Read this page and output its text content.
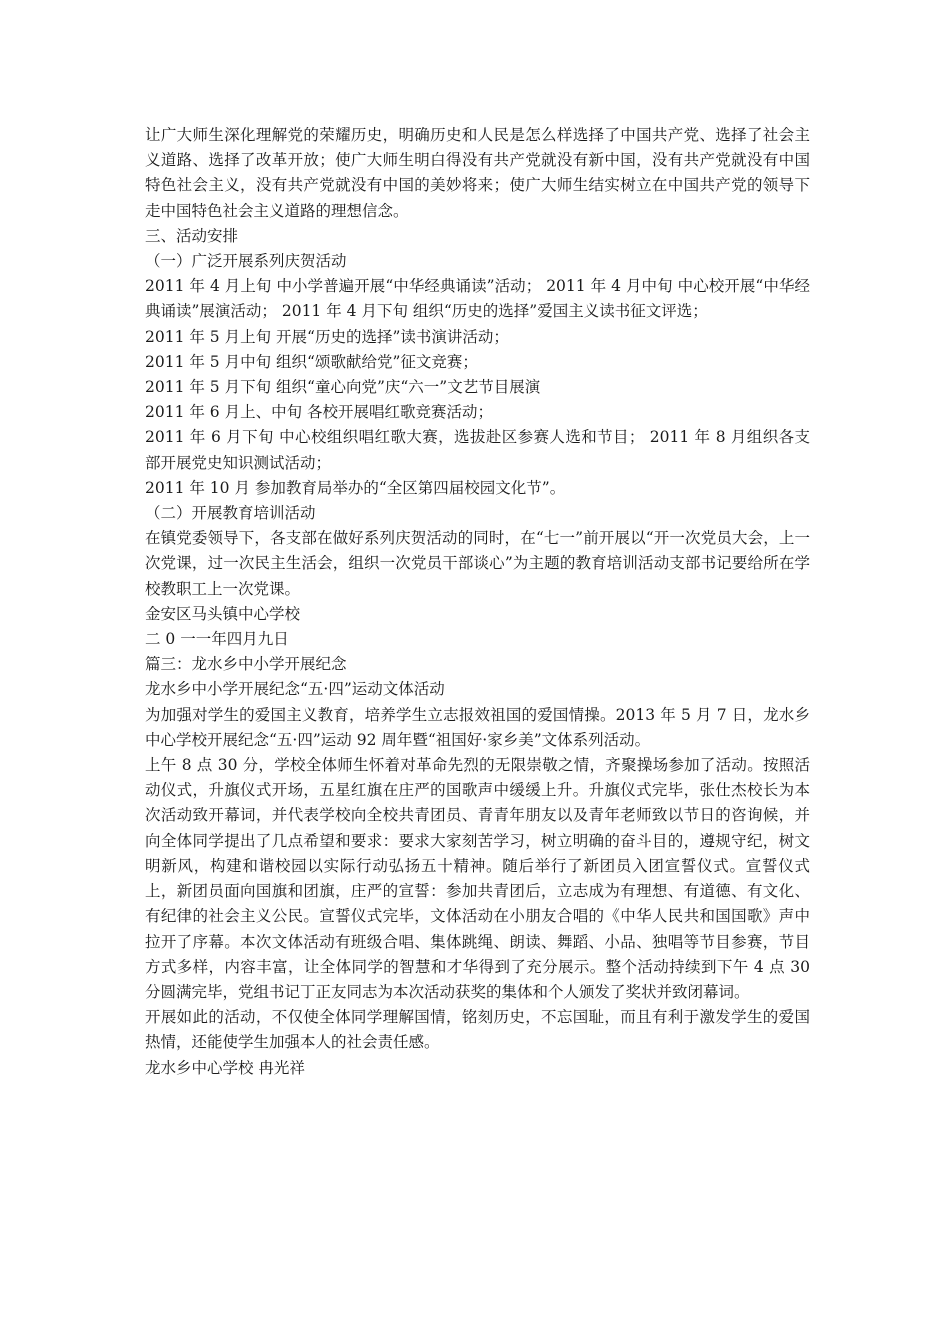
让广大师生深化理解党的荣耀历史，明确历史和人民是怎么样选择了中国共产党、选择了社会主义道路、选择了改革开放；使广大师生明白得没有共产党就没有新中国，没有共产党就没有中国特色社会主义，没有共产党就没有中国的美妙将来；使广大师生结实树立在中国共产党的领导下走中国特色社会主义道路的理想信念。
三、活动安排
（一）广泛开展系列庆贺活动
2011 年 4 月上旬 中小学普遍开展“中华经典诵读”活动； 2011 年 4 月中旬 中心校开展“中华经典诵读”展演活动； 2011 年 4 月下旬 组织“历史的选择”爱国主义读书征文评选；
2011 年 5 月上旬 开展“历史的选择”读书演讲活动；
2011 年 5 月中旬 组织“颂歌献给党”征文竞赛；
2011 年 5 月下旬 组织“童心向党”庆“六一”文艺节目展演
2011 年 6 月上、中旬 各校开展唱红歌竞赛活动；
2011 年 6 月下旬 中心校组织唱红歌大赛，选拔赴区参赛人选和节目； 2011 年 8 月组织各支部开展党史知识测试活动；
2011 年 10 月 参加教育局举办的“全区第四届校园文化节”。
（二）开展教育培训活动
在镇党委领导下，各支部在做好系列庆贺活动的同时，在“七一”前开展以“开一次党员大会，上一次党课，过一次民主生活会，组织一次党员干部谈心”为主题的教育培训活动支部书记要给所在学校教职工上一次党课。
金安区马头镇中心学校
二 0 一一年四月九日
篇三：龙水乡中小学开展纪念
龙水乡中小学开展纪念“五·四”运动文体活动
为加强对学生的爱国主义教育，培养学生立志报效祖国的爱国情操。2013 年 5 月 7 日，龙水乡中心学校开展纪念“五·四”运动 92 周年暨“祖国好·家乡美”文体系列活动。
上午 8 点 30 分，学校全体师生怀着对革命先烈的无限崇敬之情，齐聚操场参加了活动。按照活动仪式，升旗仪式开场，五星红旗在庄严的国歌声中缓缓上升。升旗仪式完毕，张仕杰校长为本次活动致开幕词，并代表学校向全校共青团员、青青年朋友以及青年老师致以节日的咨询候，并向全体同学提出了几点希望和要求：要求大家刻苦学习，树立明确的奋斗目的，遵规守纪，树文明新风，构建和谐校园以实际行动弘扬五十精神。随后举行了新团员入团宣誓仪式。宣誓仪式上，新团员面向国旗和团旗，庄严的宣誓：参加共青团后，立志成为有理想、有道德、有文化、有纪律的社会主义公民。宣誓仪式完毕，文体活动在小朋友合唱的《中华人民共和国国歌》声中拉开了序幕。本次文体活动有班级合唱、集体跳绳、朗读、舞蹈、小品、独唱等节目参赛，节目方式多样，内容丰富，让全体同学的智慧和才华得到了充分展示。整个活动持续到下午 4 点 30 分圆满完毕，党组书记丁正友同志为本次活动获奖的集体和个人颁发了奖状并致闭幕词。
开展如此的活动，不仅使全体同学理解国情，铭刻历史，不忘国耻，而且有利于激发学生的爱国热情，还能使学生加强本人的社会责任感。
龙水乡中心学校 冉光祥
